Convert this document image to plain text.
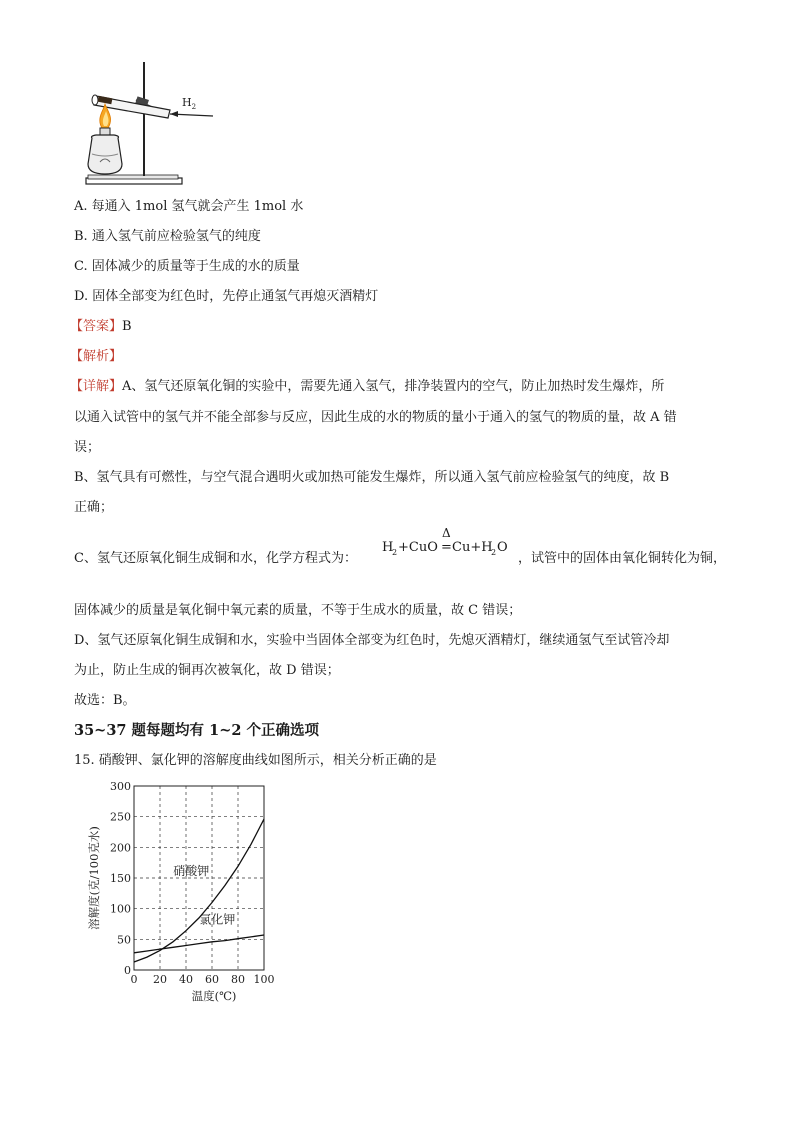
$H_2$
A. 每通入 1mol 氢气就会产生 1mol 水
B. 通入氢气前应检验氢气的纯度
C. 固体减少的质量等于生成的水的质量
D. 固体全部变为红色时，先停止通氢气再熄灭酒精灯
【答案】B
【解析】
【详解】A、氢气还原氧化铜的实验中，需要先通入氢气，排净装置内的空气，防止加热时发生爆炸，所
以通入试管中的氢气并不能全部参与反应，因此生成的水的物质的量小于通入的氢气的物质的量，故 A 错
误；
B、氢气具有可燃性，与空气混合遇明火或加热可能发生爆炸，所以通入氢气前应检验氢气的纯度，故 B
正确；
C、氢气还原氧化铜生成铜和水，化学方程式为：
H
2 +CuO
Δ
= Cu+H
2 O
，试管中的固体由氧化铜转化为铜，
固体减少的质量是氧化铜中氧元素的质量，不等于生成水的质量，故 C 错误；
D、氢气还原氧化铜生成铜和水，实验中当固体全部变为红色时，先熄灭酒精灯，继续通氢气至试管冷却
为止，防止生成的铜再次被氧化，故 D 错误；
故选：B。
35~37 题每题均有 1~2 个正确选项
15. 硝酸钾、氯化钾的溶解度曲线如图所示，相关分析正确的是
0 20 40 60 80 100
0
50
100
150
200
250
300
温度(℃)
溶解度(克/100克水)	硝酸钾
氯化钾
